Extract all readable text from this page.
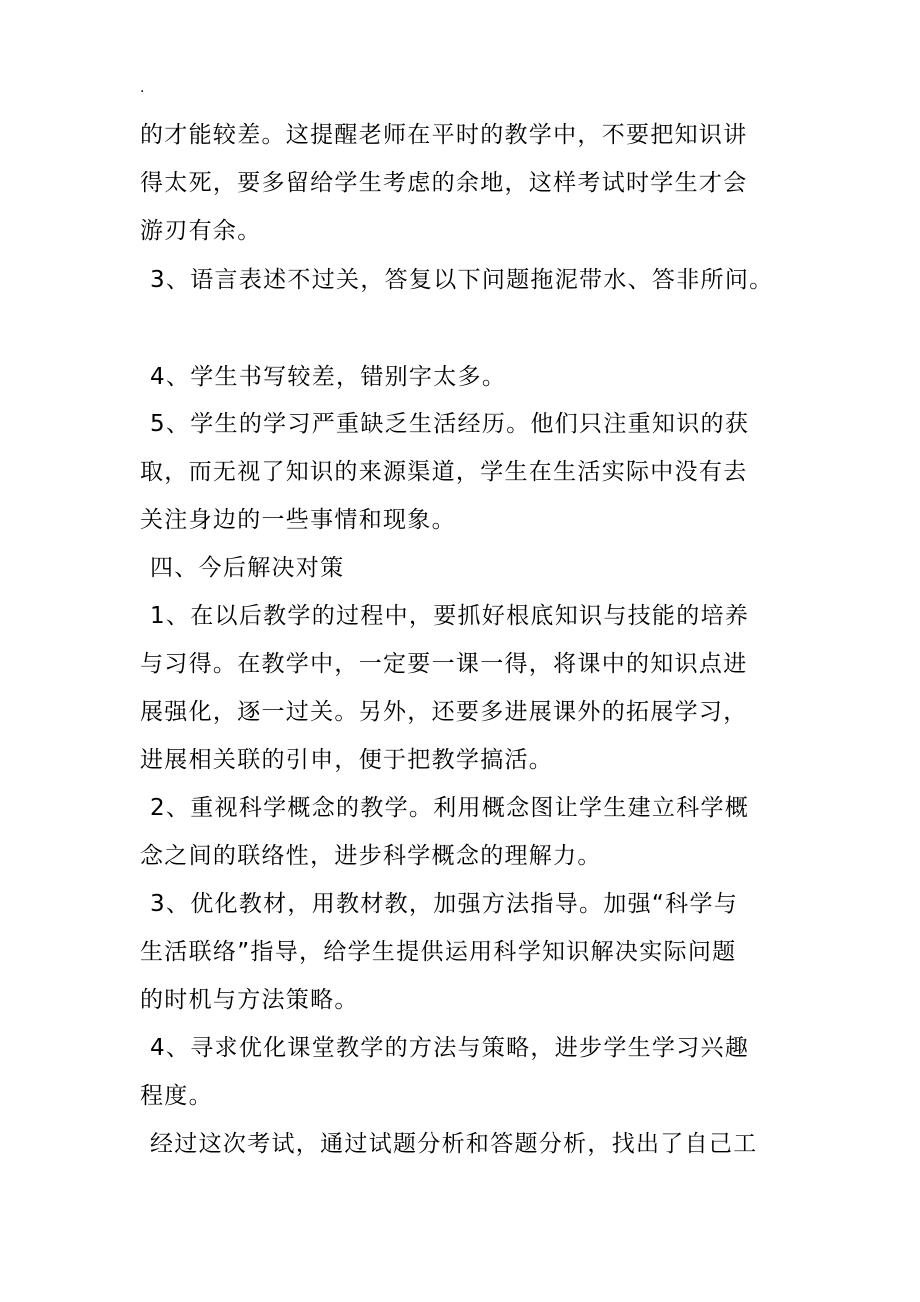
.
的才能较差。这提醒老师在平时的教学中，不要把知识讲
得太死，要多留给学生考虑的余地，这样考试时学生才会
游刃有余。
3、语言表述不过关，答复以下问题拖泥带水、答非所问。
4、学生书写较差，错别字太多。
5、学生的学习严重缺乏生活经历。他们只注重知识的获
取，而无视了知识的来源渠道，学生在生活实际中没有去
关注身边的一些事情和现象。
四、今后解决对策
1、在以后教学的过程中，要抓好根底知识与技能的培养
与习得。在教学中，一定要一课一得，将课中的知识点进
展强化，逐一过关。另外，还要多进展课外的拓展学习，
进展相关联的引申，便于把教学搞活。
2、重视科学概念的教学。利用概念图让学生建立科学概
念之间的联络性，进步科学概念的理解力。
3、优化教材，用教材教，加强方法指导。加强“科学与
生活联络”指导，给学生提供运用科学知识解决实际问题
的时机与方法策略。
4、寻求优化课堂教学的方法与策略，进步学生学习兴趣
程度。
经过这次考试，通过试题分析和答题分析，找出了自己工
